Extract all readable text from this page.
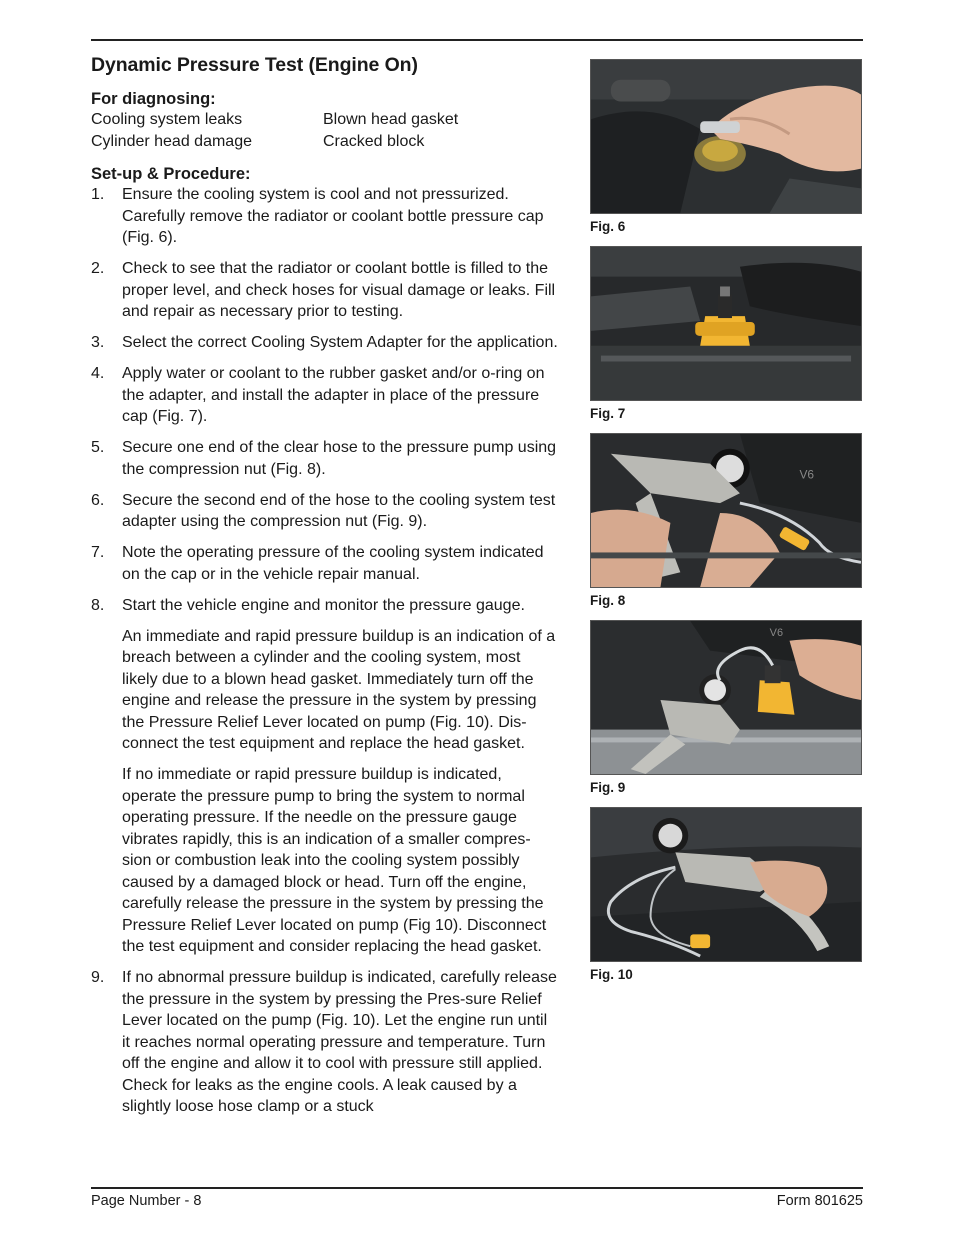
Dynamic Pressure Test (Engine On)
For diagnosing:
Cooling system leaks	Blown head gasket
Cylinder head damage	Cracked block
Set-up & Procedure:
1.	Ensure the cooling system is cool and not pressurized. Carefully remove the radiator or coolant bottle pressure cap (Fig. 6).

2.	Check to see that the radiator or coolant bottle is filled to the proper level, and check hoses for visual damage or leaks. Fill and repair as necessary prior to testing.

3.	Select the correct Cooling System Adapter for the application.

4.	Apply water or coolant to the rubber gasket and/or o-ring on the adapter, and install the adapter in place of the pressure cap (Fig. 7).

5.	Secure one end of the clear hose to the pressure pump using the compression nut (Fig. 8).

6.	Secure the second end of the hose to the cooling system test adapter using the compression nut (Fig. 9).

7.	Note the operating pressure of the cooling system indicated on the cap or in the vehicle repair manual.

8.	Start the vehicle engine and monitor the pressure gauge.

An immediate and rapid pressure buildup is an indication of a breach between a cylinder and the cooling system, most likely due to a blown head gasket. Immediately turn off the engine and release the pressure in the system by pressing the Pressure Relief Lever located on pump (Fig. 10). Dis-connect the test equipment and replace the head gasket.

If no immediate or rapid pressure buildup is indicated, operate the pressure pump to bring the system to normal operating pressure. If the needle on the pressure gauge vibrates rapidly, this is an indication of a smaller compres-sion or combustion leak into the cooling system possibly caused by a damaged block or head. Turn off the engine, carefully release the pressure in the system by pressing the Pressure Relief Lever located on pump (Fig 10). Disconnect the test equipment and consider replacing the head gasket.

9.	If no abnormal pressure buildup is indicated, carefully release the pressure in the system by pressing the Pres-sure Relief Lever located on the pump (Fig. 10). Let the engine run until it reaches normal operating pressure and temperature. Turn off the engine and allow it to cool with pressure still applied. Check for leaks as the engine cools. A leak caused by a slightly loose hose clamp or a stuck

Fig. 6
Fig. 7
V6
Fig. 8
V6
Fig. 9
Fig. 10
Page Number - 8	Form 801625
